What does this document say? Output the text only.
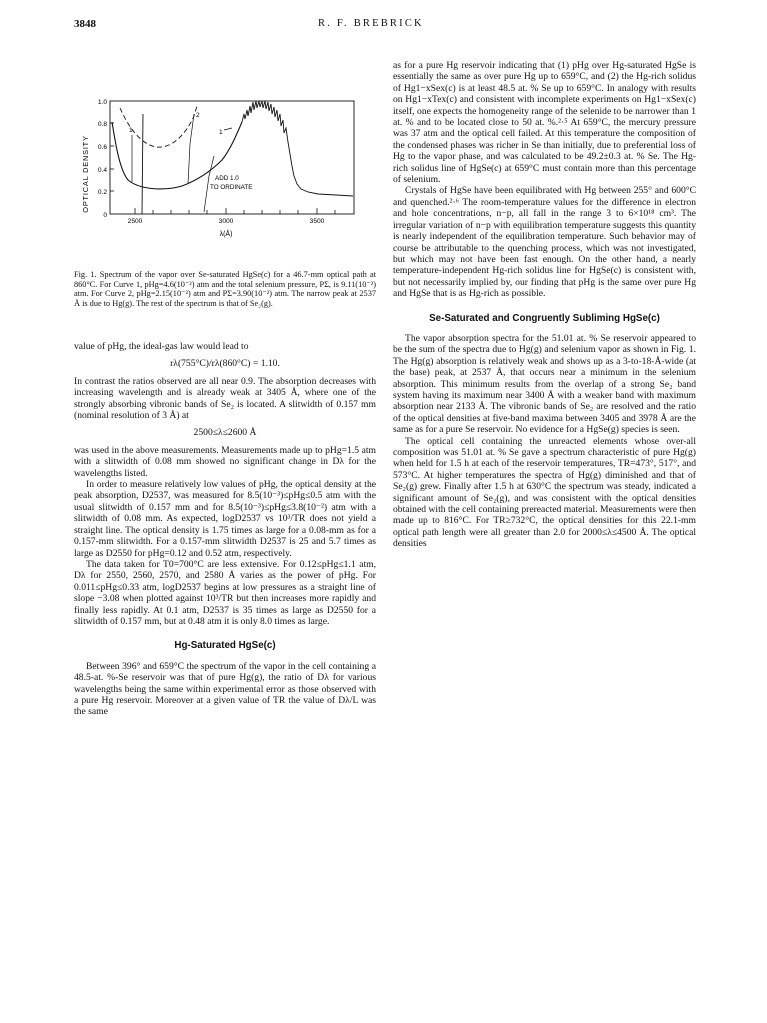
3848	R. F. BREBRICK
OPTICAL DENSITY
1.0
0.8
0.6
0.4
0.2
0
2500	3000	3500
λ(Å)
1
2
1
ADD 1.0
TO ORDINATE
Fig. 1. Spectrum of the vapor over Se-saturated HgSe(c) for a 46.7-mm optical path at 860°C. For Curve 1, pHg=4.6(10⁻²) atm and the total selenium pressure, PΣ, is 9.11(10⁻²) atm. For Curve 2, pHg=2.15(10⁻²) atm and PΣ=3.90(10⁻²) atm. The narrow peak at 2537 Å is due to Hg(g). The rest of the spectrum is that of Se₂(g).

value of pHg, the ideal-gas law would lead to

rλ(755°C)/rλ(860°C) = 1.10.

In contrast the ratios observed are all near 0.9. The absorption decreases with increasing wavelength and is already weak at 3405 Å, where one of the strongly absorbing vibronic bands of Se₂ is located. A slitwidth of 0.157 mm (nominal resolution of 3 Å) at

2500≤λ≤2600 Å

was used in the above measurements. Measurements made up to pHg=1.5 atm with a slitwidth of 0.08 mm showed no significant change in Dλ for the wavelengths listed.

In order to measure relatively low values of pHg, the optical density at the peak absorption, D2537, was measured for 8.5(10⁻³)≤pHg≤0.5 atm with the usual slitwidth of 0.157 mm and for 8.5(10⁻³)≤pHg≤3.8(10⁻²) atm with a slitwidth of 0.08 mm. As expected, logD2537 vs 10³/TR does not yield a straight line. The optical density is 1.75 times as large for a 0.08-mm as for a 0.157-mm slitwidth. For a 0.157-mm slitwidth D2537 is 25 and 5.7 times as large as D2550 for pHg=0.12 and 0.52 atm, respectively.

The data taken for T0=700°C are less extensive. For 0.12≤pHg≤1.1 atm, Dλ for 2550, 2560, 2570, and 2580 Å varies as the power of pHg. For 0.011≤pHg≤0.33 atm, logD2537 begins at low pressures as a straight line of slope −3.08 when plotted against 10³/TR but then increases more rapidly and finally less rapidly. At 0.1 atm, D2537 is 35 times as large as D2550 for a slitwidth of 0.157 mm, but at 0.48 atm it is only 8.0 times as large.

Hg-Saturated HgSe(c)

Between 396° and 659°C the spectrum of the vapor in the cell containing a 48.5-at. %-Se reservoir was that of pure Hg(g), the ratio of Dλ for various wavelengths being the same within experimental error as those observed with a pure Hg reservoir. Moreover at a given value of TR the value of Dλ/L was the same

as for a pure Hg reservoir indicating that (1) pHg over Hg-saturated HgSe is essentially the same as over pure Hg up to 659°C, and (2) the Hg-rich solidus of Hg1−xSex(c) is at least 48.5 at. % Se up to 659°C. In analogy with results on Hg1−xTex(c) and consistent with incomplete experiments on Hg1−xSex(c) itself, one expects the homogeneity range of the selenide to be narrower than 1 at. % and to be located close to 50 at. %.²·⁵ At 659°C, the mercury pressure was 37 atm and the optical cell failed. At this temperature the composition of the condensed phases was richer in Se than initially, due to preferential loss of Hg to the vapor phase, and was calculated to be 49.2±0.3 at. % Se. The Hg-rich solidus line of HgSe(c) at 659°C must contain more than this percentage of selenium.

Crystals of HgSe have been equilibrated with Hg between 255° and 600°C and quenched.²·⁶ The room-temperature values for the difference in electron and hole concentrations, n−p, all fall in the range 3 to 6×10¹⁸ cm³. The irregular variation of n−p with equilibration temperature suggests this quantity is nearly independent of the equilibration temperature. Such behavior may of course be attributable to the quenching process, which was not investigated, but which may not have been fast enough. On the other hand, a nearly temperature-independent Hg-rich solidus line for HgSe(c) is consistent with, but not necessarily implied by, our finding that pHg is the same over pure Hg and HgSe that is as Hg-rich as possible.

Se-Saturated and Congruently Subliming HgSe(c)

The vapor absorption spectra for the 51.01 at. % Se reservoir appeared to be the sum of the spectra due to Hg(g) and selenium vapor as shown in Fig. 1. The Hg(g) absorption is relatively weak and shows up as a 3-to-18-Å-wide (at the base) peak, at 2537 Å, that occurs near a minimum in the selenium absorption. This minimum results from the overlap of a strong Se₂ band system having its maximum near 3400 Å with a weaker band with maximum absorption near 2133 Å. The vibronic bands of Se₂ are resolved and the ratio of the optical densities at five-band maxima between 3405 and 3978 Å are the same as for a pure Se reservoir. No evidence for a HgSe(g) species is seen.

The optical cell containing the unreacted elements whose over-all composition was 51.01 at. % Se gave a spectrum characteristic of pure Hg(g) when held for 1.5 h at each of the reservoir temperatures, TR=473°, 517°, and 573°C. At higher temperatures the spectra of Hg(g) diminished and that of Se₂(g) grew. Finally after 1.5 h at 630°C the spectrum was steady, indicated a significant amount of Se₂(g), and was consistent with the optical densities obtained with the cell containing prereacted material. Measurements were then made up to 816°C. For TR≥732°C, the optical densities for this 22.1-mm optical path length were all greater than 2.0 for 2000≤λ≤4500 Å. The optical densities
